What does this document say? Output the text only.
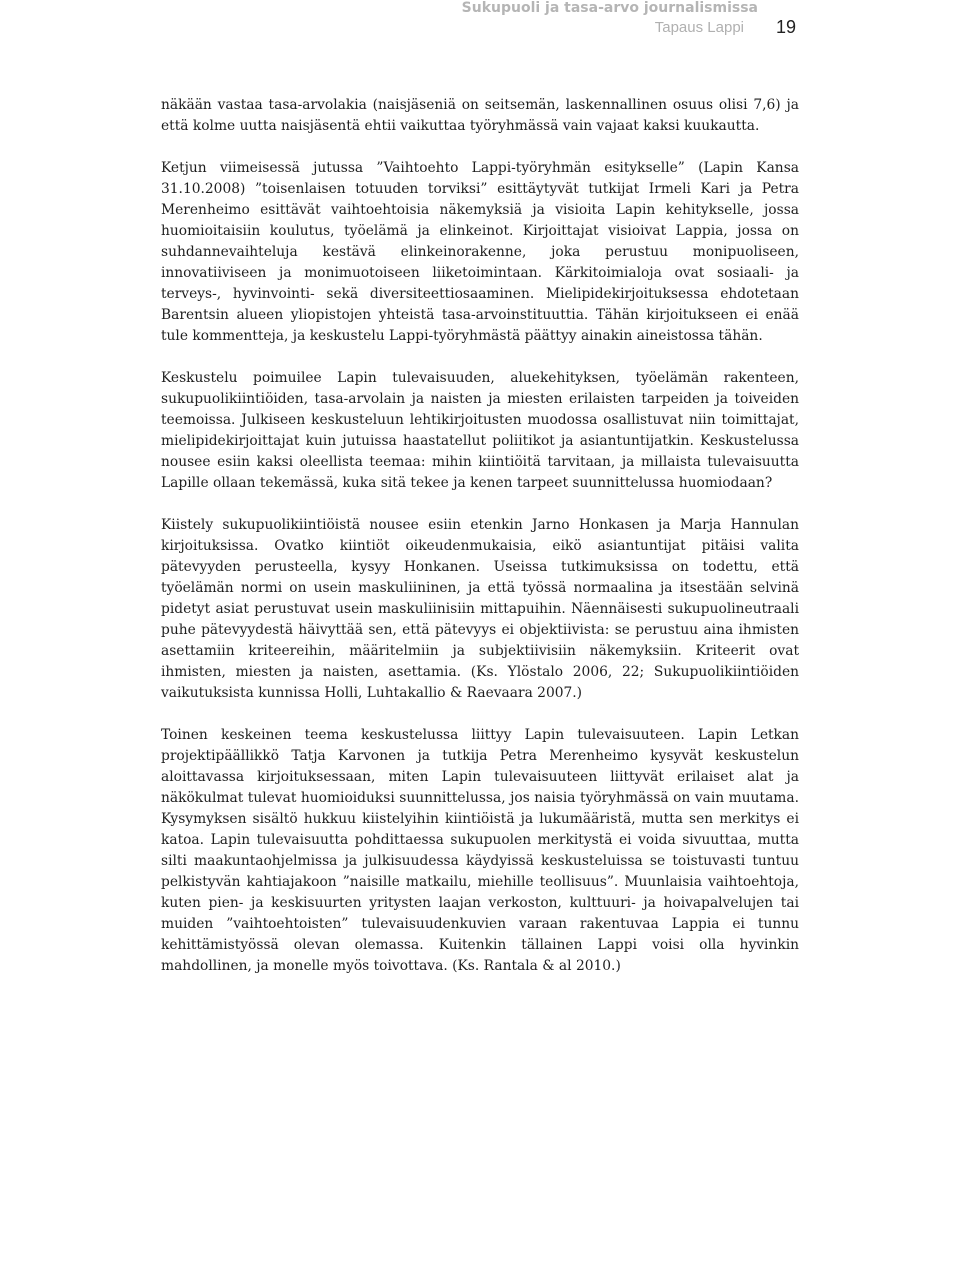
Sukupuoli ja tasa-arvo journalismissa
Tapaus Lappi 19

näkään vastaa tasa-arvolakia (naisjäseniä on seitsemän, laskennallinen osuus olisi 7,6) ja että kolme uutta naisjäsentä ehtii vaikuttaa työryhmässä vain vajaat kaksi kuukautta.

Ketjun viimeisessä jutussa ”Vaihtoehto Lappi-työryhmän esitykselle” (Lapin Kansa 31.10.2008) ”toisenlaisen totuuden torviksi” esittäytyvät tutkijat Irmeli Kari ja Petra Merenheimo esittävät vaihtoehtoisia näkemyksiä ja visioita Lapin kehitykselle, jossa huomioitaisiin koulutus, työelämä ja elinkeinot. Kirjoittajat visioivat Lappia, jossa on suhdannevaihteluja kestävä elinkeinorakenne, joka perustuu monipuoliseen, innovatiiviseen ja monimuotoiseen liiketoimintaan. Kärkitoimialoja ovat sosiaali- ja terveys-, hyvinvointi- sekä diversiteettiosaaminen. Mielipidekirjoituksessa ehdotetaan Barentsin alueen yliopistojen yhteistä tasa-arvoinstituuttia. Tähän kirjoitukseen ei enää tule kommentteja, ja keskustelu Lappi-työryhmästä päättyy ainakin aineistossa tähän.

Keskustelu poimuilee Lapin tulevaisuuden, aluekehityksen, työelämän rakenteen, sukupuolikiintiöiden, tasa-arvolain ja naisten ja miesten erilaisten tarpeiden ja toiveiden teemoissa. Julkiseen keskusteluun lehtikirjoitusten muodossa osallistuvat niin toimittajat, mielipidekirjoittajat kuin jutuissa haastatellut poliitikot ja asiantuntijatkin. Keskustelussa nousee esiin kaksi oleellista teemaa: mihin kiintiöitä tarvitaan, ja millaista tulevaisuutta Lapille ollaan tekemässä, kuka sitä tekee ja kenen tarpeet suunnittelussa huomiodaan?

Kiistely sukupuolikiintiöistä nousee esiin etenkin Jarno Honkasen ja Marja Hannulan kirjoituksissa. Ovatko kiintiöt oikeudenmukaisia, eikö asiantuntijat pitäisi valita pätevyyden perusteella, kysyy Honkanen. Useissa tutkimuksissa on todettu, että työelämän normi on usein maskuliininen, ja että työssä normaalina ja itsestään selvinä pidetyt asiat perustuvat usein maskuliinisiin mittapuihin. Näennäisesti sukupuolineutraali puhe pätevyydestä häivyttää sen, että pätevyys ei objektiivista: se perustuu aina ihmisten asettamiin kriteereihin, määritelmiin ja subjektiivisiin näkemyksiin. Kriteerit ovat ihmisten, miesten ja naisten, asettamia. (Ks. Ylöstalo 2006, 22; Sukupuolikiintiöiden vaikutuksista kunnissa Holli, Luhtakallio & Raevaara 2007.)

Toinen keskeinen teema keskustelussa liittyy Lapin tulevaisuuteen. Lapin Letkan projektipäällikkö Tatja Karvonen ja tutkija Petra Merenheimo kysyvät keskustelun aloittavassa kirjoituksessaan, miten Lapin tulevaisuuteen liittyvät erilaiset alat ja näkökulmat tulevat huomioiduksi suunnittelussa, jos naisia työryhmässä on vain muutama. Kysymyksen sisältö hukkuu kiistelyihin kiintiöistä ja lukumääristä, mutta sen merkitys ei katoa. Lapin tulevaisuutta pohdittaessa sukupuolen merkitystä ei voida sivuuttaa, mutta silti maakuntaohjelmissa ja julkisuudessa käydyissä keskusteluissa se toistuvasti tuntuu pelkistyvän kahtiajakoon ”naisille matkailu, miehille teollisuus”. Muunlaisia vaihtoehtoja, kuten pien- ja keskisuurten yritysten laajan verkoston, kulttuuri- ja hoivapalvelujen tai muiden ”vaihtoehtoisten” tulevaisuudenkuvien varaan rakentuvaa Lappia ei tunnu kehittämistyössä olevan olemassa. Kuitenkin tällainen Lappi voisi olla hyvinkin mahdollinen, ja monelle myös toivottava. (Ks. Rantala & al 2010.)
